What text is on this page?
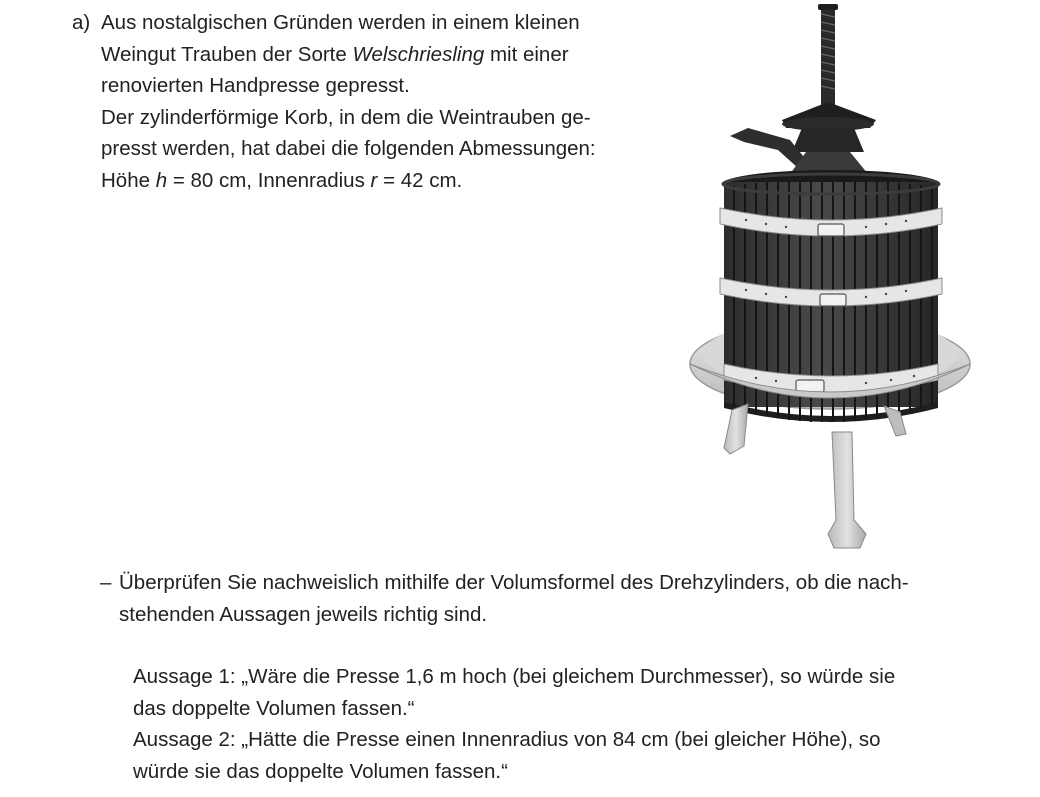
a) Aus nostalgischen Gründen werden in einem kleinen

Weingut Trauben der Sorte Welschriesling mit einer

renovierten Handpresse gepresst.

Der zylinderförmige Korb, in dem die Weintrauben ge-

presst werden, hat dabei die folgenden Abmessungen:

Höhe h = 80 cm, Innenradius r = 42 cm.

– Überprüfen Sie nachweislich mithilfe der Volumsformel des Drehzylinders, ob die nach-
stehenden Aussagen jeweils richtig sind.

Aussage 1: „Wäre die Presse 1,6 m hoch (bei gleichem Durchmesser), so würde sie

das doppelte Volumen fassen.“

Aussage 2: „Hätte die Presse einen Innenradius von 84 cm (bei gleicher Höhe), so

würde sie das doppelte Volumen fassen.“
